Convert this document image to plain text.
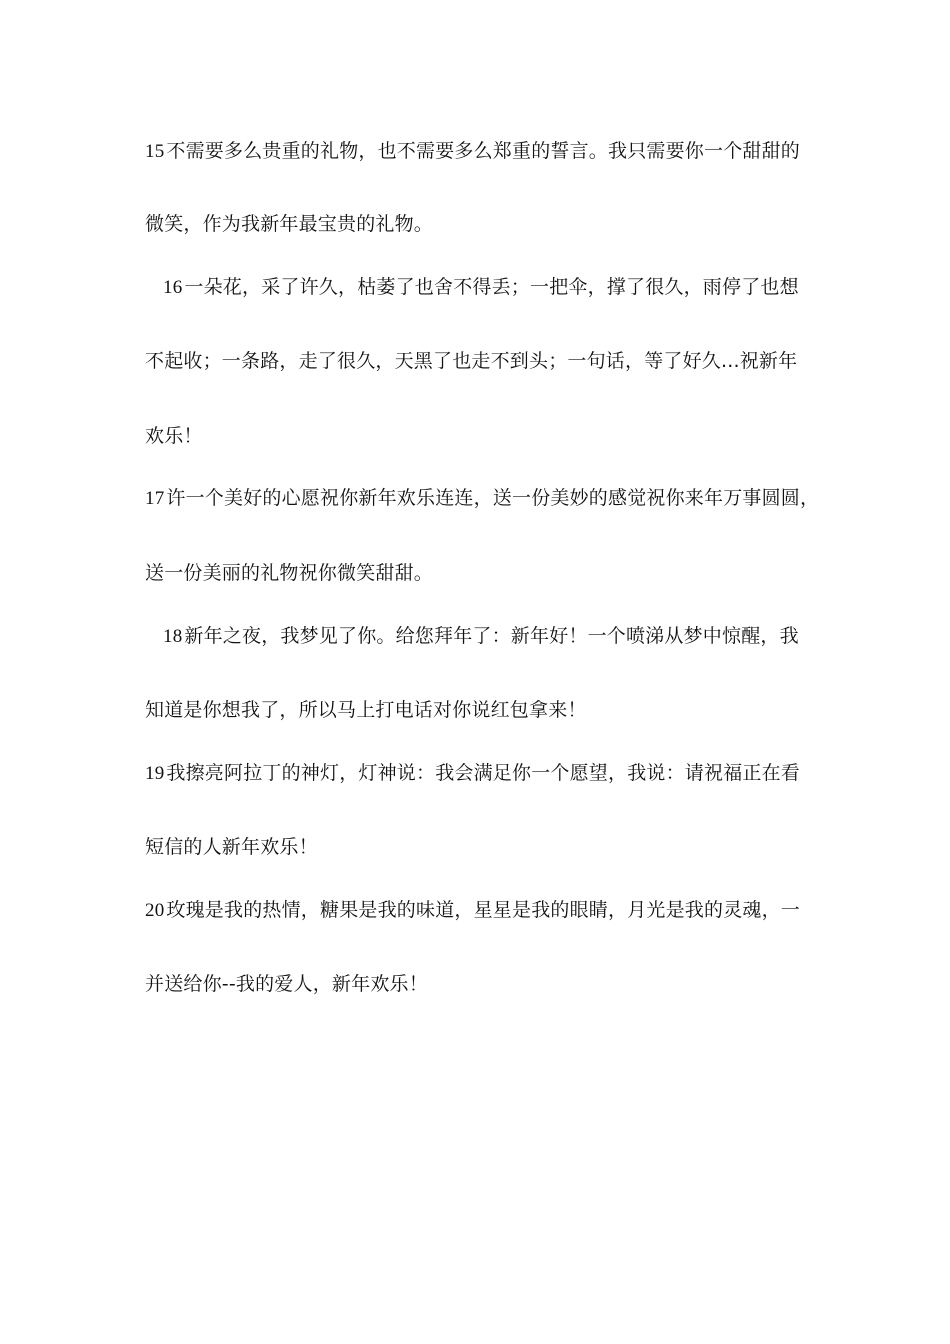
15 不需要多么贵重的礼物，也不需要多么郑重的誓言。我只需要你一个甜甜的
微笑，作为我新年最宝贵的礼物。
16 一朵花，采了许久，枯萎了也舍不得丢；一把伞，撑了很久，雨停了也想
不起收；一条路，走了很久，天黑了也走不到头；一句话，等了好久...祝新年
欢乐！
17 许一个美好的心愿祝你新年欢乐连连，送一份美妙的感觉祝你来年万事圆圆，
送一份美丽的礼物祝你微笑甜甜。
18 新年之夜，我梦见了你。给您拜年了：新年好！一个喷涕从梦中惊醒，我
知道是你想我了，所以马上打电话对你说红包拿来！
19 我擦亮阿拉丁的神灯，灯神说：我会满足你一个愿望，我说：请祝福正在看
短信的人新年欢乐！
20 玫瑰是我的热情，糖果是我的味道，星星是我的眼睛，月光是我的灵魂，一
并送给你--我的爱人，新年欢乐！
